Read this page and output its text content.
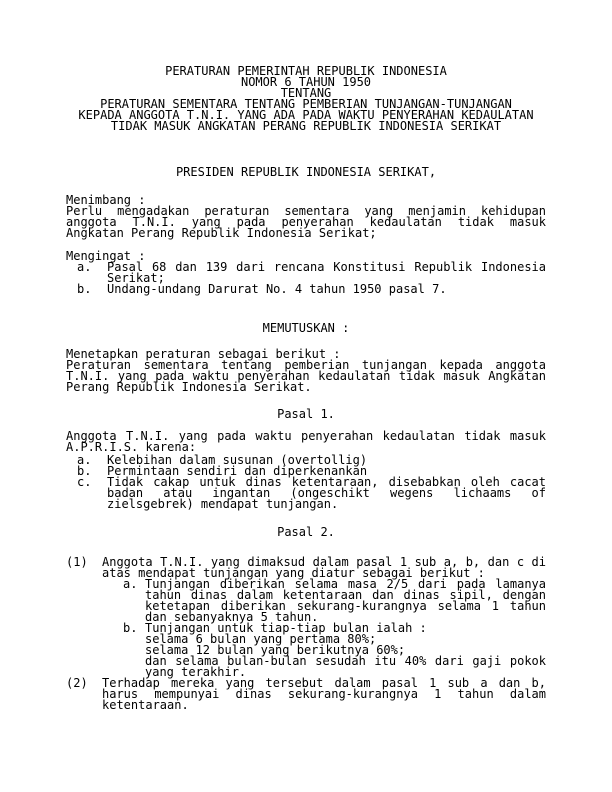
PERATURAN PEMERINTAH REPUBLIK INDONESIA
NOMOR 6 TAHUN 1950
TENTANG
PERATURAN SEMENTARA TENTANG PEMBERIAN TUNJANGAN-TUNJANGAN
KEPADA ANGGOTA T.N.I. YANG ADA PADA WAKTU PENYERAHAN KEDAULATAN
TIDAK MASUK ANGKATAN PERANG REPUBLIK INDONESIA SERIKAT
PRESIDEN REPUBLIK INDONESIA SERIKAT,
Menimbang :
Perlu mengadakan peraturan sementara yang menjamin kehidupan anggota T.N.I. yang pada penyerahan kedaulatan tidak masuk Angkatan Perang Republik Indonesia Serikat;
Mengingat :
a.	Pasal 68 dan 139 dari rencana Konstitusi Republik Indonesia Serikat;
b.	Undang-undang Darurat No. 4 tahun 1950 pasal 7.
MEMUTUSKAN :
Menetapkan peraturan sebagai berikut :
Peraturan sementara tentang pemberian tunjangan kepada anggota T.N.I. yang pada waktu penyerahan kedaulatan tidak masuk Angkatan Perang Republik Indonesia Serikat.
Pasal 1.
Anggota T.N.I. yang pada waktu penyerahan kedaulatan tidak masuk A.P.R.I.S. karena:
a.	Kelebihan dalam susunan (overtollig)
b.	Permintaan sendiri dan diperkenankan
c.	Tidak cakap untuk dinas ketentaraan, disebabkan oleh cacat badan atau ingantan (ongeschikt wegens lichaams of zielsgebrek) mendapat tunjangan.
Pasal 2.
(1)	Anggota T.N.I. yang dimaksud dalam pasal 1 sub a, b, dan c di atas mendapat tunjangan yang diatur sebagai berikut :
a. Tunjangan diberikan selama masa 2/5 dari pada lamanya tahun dinas dalam ketentaraan dan dinas sipil, dengan ketetapan diberikan sekurang-kurangnya selama 1 tahun dan sebanyaknya 5 tahun.
b. Tunjangan untuk tiap-tiap bulan ialah :
selama 6 bulan yang pertama 80%;
selama 12 bulan yang berikutnya 60%;
dan selama bulan-bulan sesudah itu 40% dari gaji pokok yang terakhir.
(2)	Terhadap mereka yang tersebut dalam pasal 1 sub a dan b, harus mempunyai dinas sekurang-kurangnya 1 tahun dalam ketentaraan.
